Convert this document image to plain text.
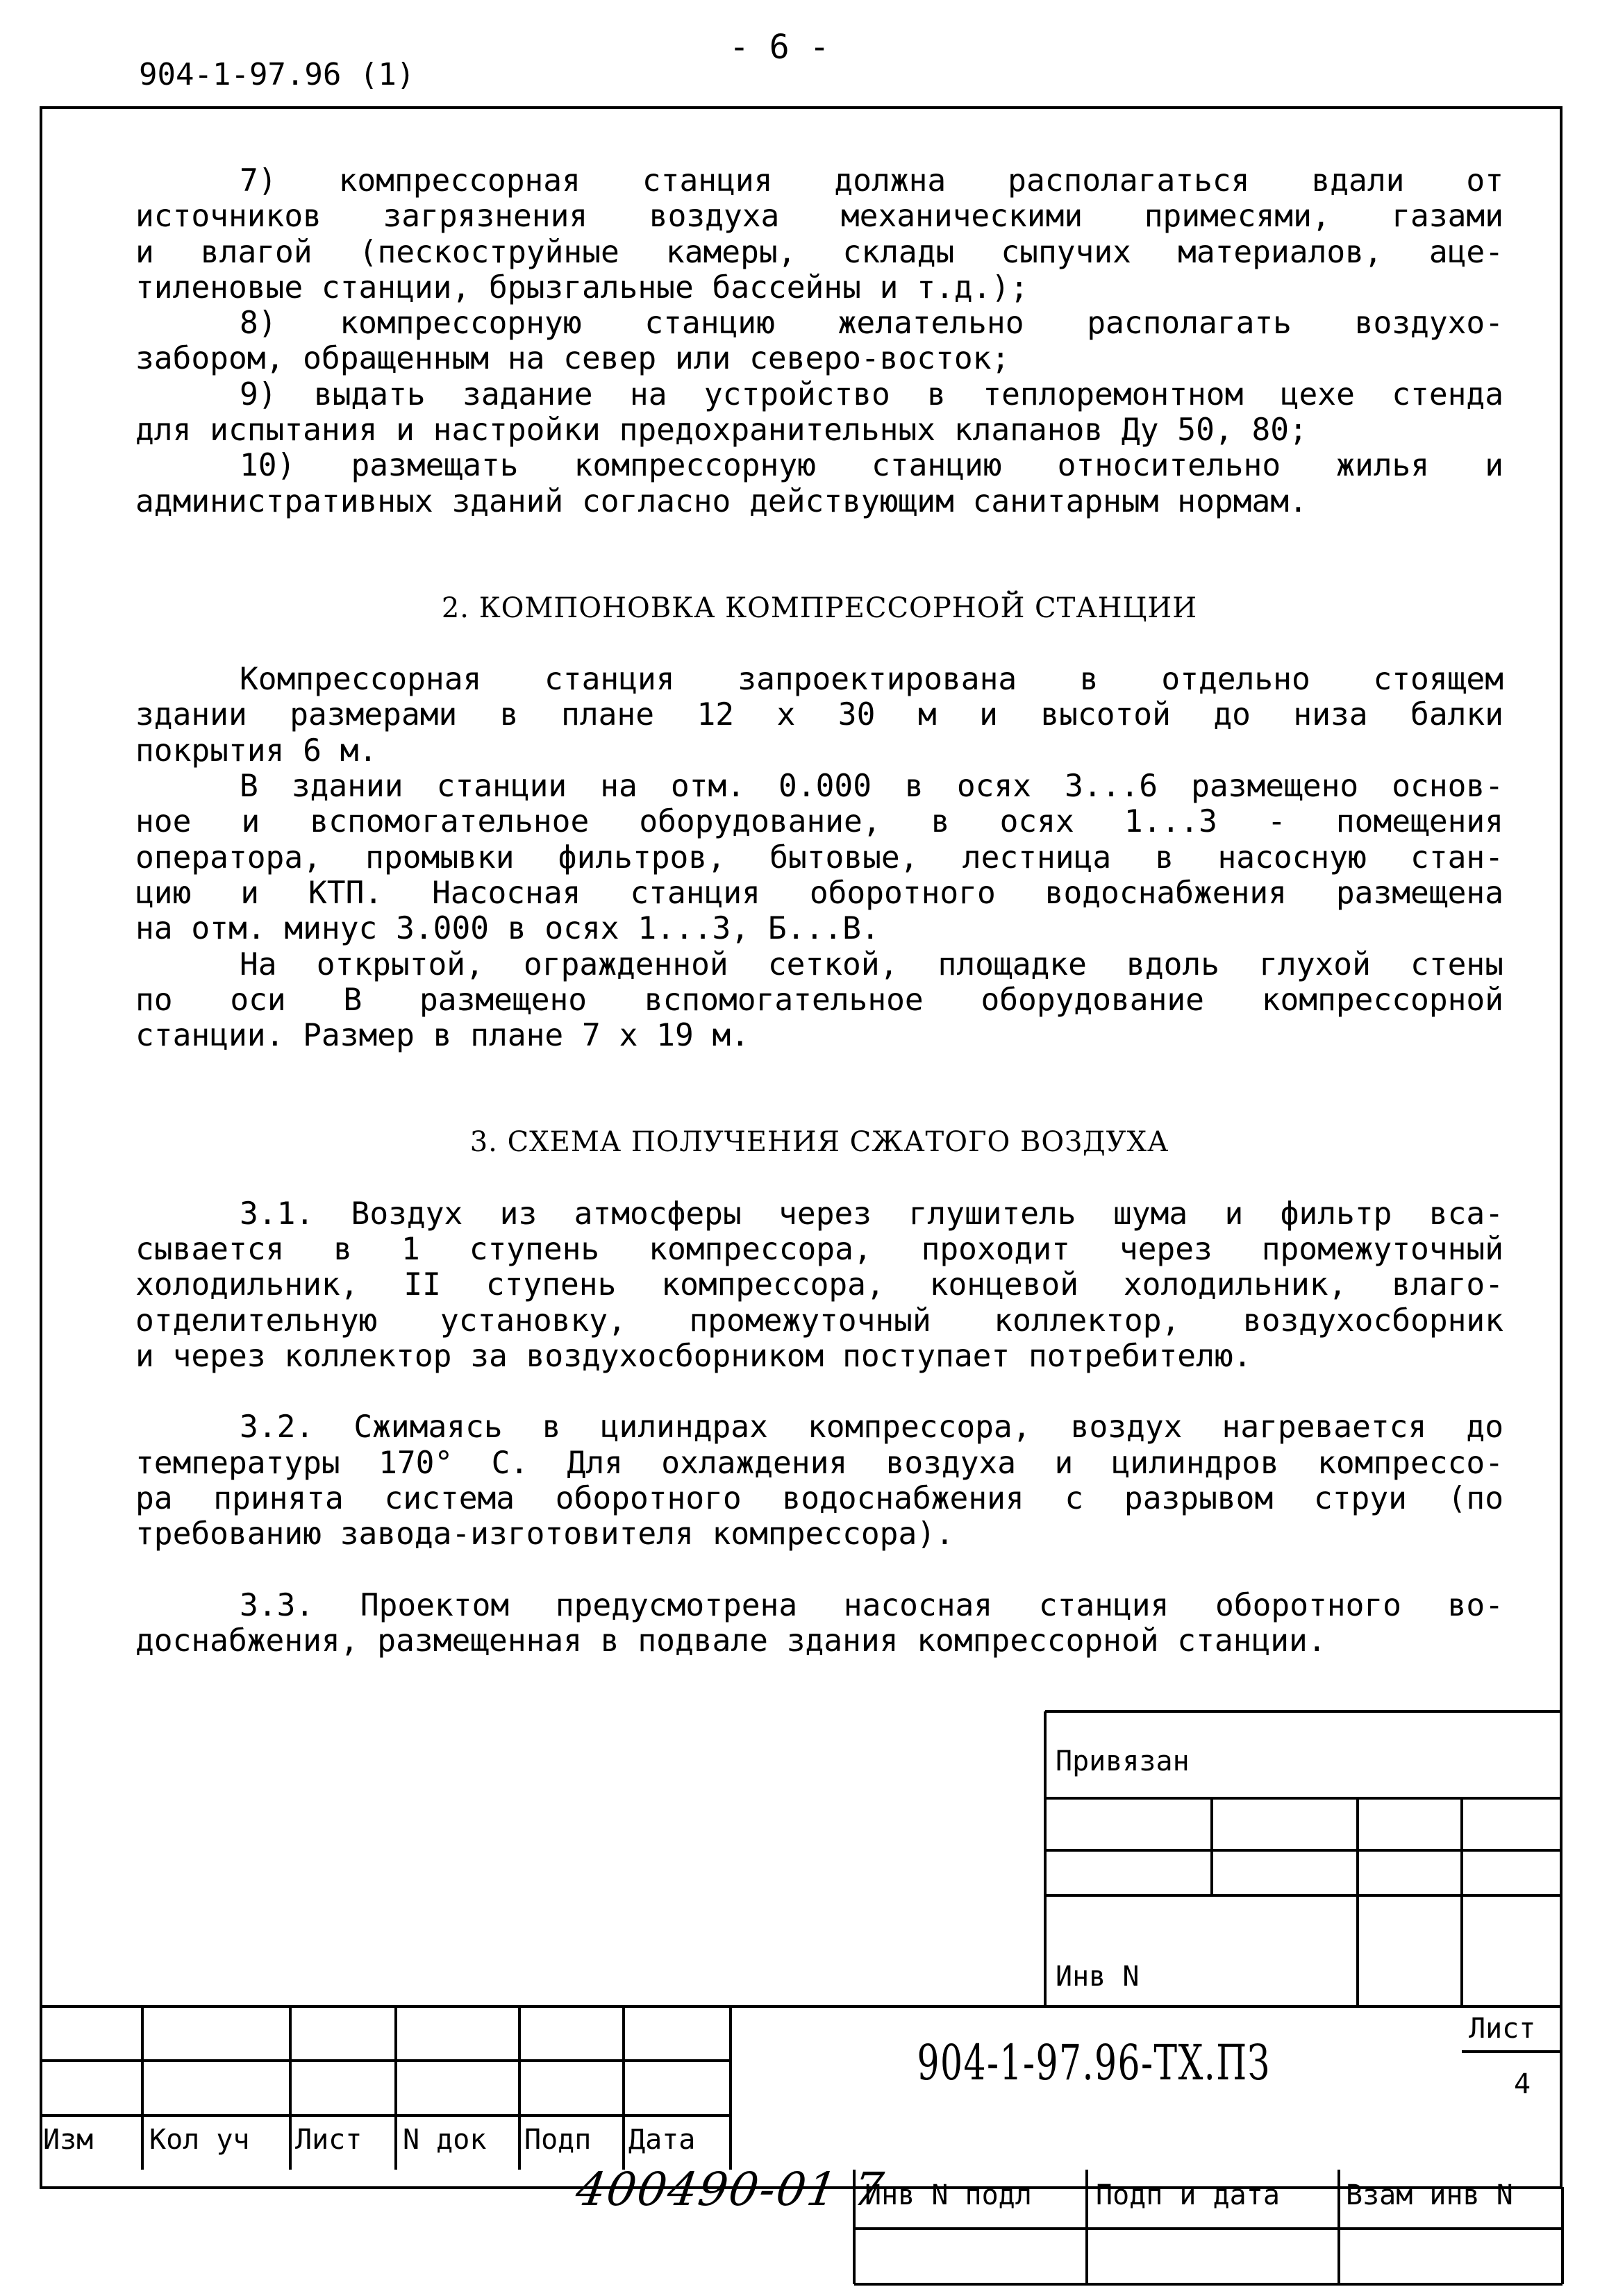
- 6 -
904-1-97.96 (1)

7) компрессорная станция должна располагаться вдали от

источников загрязнения воздуха механическими примесями, газами

и влагой (пескоструйные камеры, склады сыпучих материалов, аце-

тиленовые станции, брызгальные бассейны и т.д.);

8) компрессорную станцию желательно располагать воздухо-

забором, обращенным на север или северо-восток;

9) выдать задание на устройство в теплоремонтном цехе стенда

для испытания и настройки предохранительных клапанов Ду 50, 80;

10) размещать компрессорную станцию относительно жилья и

административных зданий согласно действующим санитарным нормам.

2. КОМПОНОВКА КОМПРЕССОРНОЙ СТАНЦИИ

Компрессорная станция запроектирована в отдельно стоящем

здании размерами в плане 12 х 30 м и высотой до низа балки

покрытия 6 м.

В здании станции на отм. 0.000 в осях 3...6 размещено основ-

ное и вспомогательное оборудование, в осях 1...3 - помещения

оператора, промывки фильтров, бытовые, лестница в насосную стан-

цию и КТП. Насосная станция оборотного водоснабжения размещена

на отм. минус 3.000 в осях 1...3, Б...В.

На открытой, огражденной сеткой, площадке вдоль глухой стены

по оси В размещено вспомогательное оборудование компрессорной

станции. Размер в плане 7 х 19 м.

3. СХЕМА ПОЛУЧЕНИЯ СЖАТОГО ВОЗДУХА

3.1. Воздух из атмосферы через глушитель шума и фильтр вса-

сывается в 1 ступень компрессора, проходит через промежуточный

холодильник, II ступень компрессора, концевой холодильник, влаго-

отделительную установку, промежуточный коллектор, воздухосборник

и через коллектор за воздухосборником поступает потребителю.

3.2. Сжимаясь в цилиндрах компрессора, воздух нагревается до

температуры 170° С. Для охлаждения воздуха и цилиндров компрессо-

ра принята система оборотного водоснабжения с разрывом струи (по

требованию завода-изготовителя компрессора).

3.3. Проектом предусмотрена насосная станция оборотного во-

доснабжения, размещенная в подвале здания компрессорной станции.

Привязан
Инв N
Изм Кол уч Лист N док Подп Дата
904-1-97.96-ТХ.ПЗ
Лист
4
400490-01 7
Инв N подл Подп и дата Взам инв N
